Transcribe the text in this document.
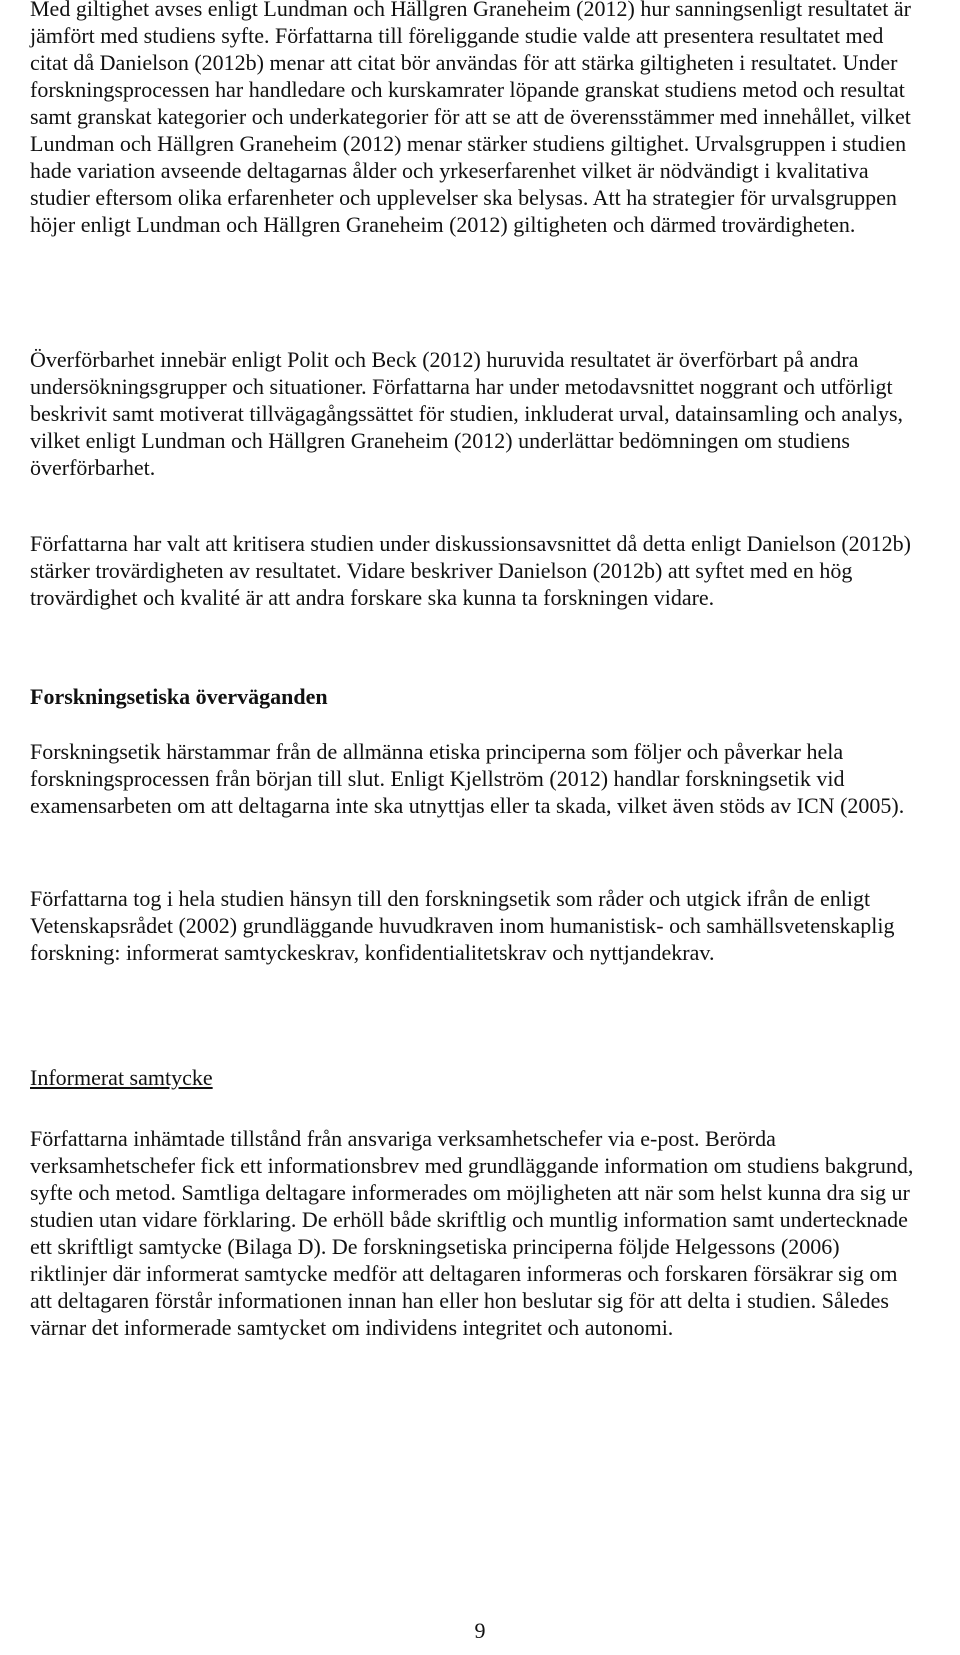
Med giltighet avses enligt Lundman och Hällgren Graneheim (2012) hur sanningsenligt resultatet är jämfört med studiens syfte. Författarna till föreliggande studie valde att presentera resultatet med citat då Danielson (2012b) menar att citat bör användas för att stärka giltigheten i resultatet. Under forskningsprocessen har handledare och kurskamrater löpande granskat studiens metod och resultat samt granskat kategorier och underkategorier för att se att de överensstämmer med innehållet, vilket Lundman och Hällgren Graneheim (2012) menar stärker studiens giltighet. Urvalsgruppen i studien hade variation avseende deltagarnas ålder och yrkeserfarenhet vilket är nödvändigt i kvalitativa studier eftersom olika erfarenheter och upplevelser ska belysas. Att ha strategier för urvalsgruppen höjer enligt Lundman och Hällgren Graneheim (2012) giltigheten och därmed trovärdigheten.

Överförbarhet innebär enligt Polit och Beck (2012) huruvida resultatet är överförbart på andra undersökningsgrupper och situationer. Författarna har under metodavsnittet noggrant och utförligt beskrivit samt motiverat tillvägagångssättet för studien, inkluderat urval, datainsamling och analys, vilket enligt Lundman och Hällgren Graneheim (2012) underlättar bedömningen om studiens överförbarhet.

Författarna har valt att kritisera studien under diskussionsavsnittet då detta enligt Danielson (2012b) stärker trovärdigheten av resultatet. Vidare beskriver Danielson (2012b) att syftet med en hög trovärdighet och kvalité är att andra forskare ska kunna ta forskningen vidare.

Forskningsetiska överväganden

Forskningsetik härstammar från de allmänna etiska principerna som följer och påverkar hela forskningsprocessen från början till slut. Enligt Kjellström (2012) handlar forskningsetik vid examensarbeten om att deltagarna inte ska utnyttjas eller ta skada, vilket även stöds av ICN (2005).

Författarna tog i hela studien hänsyn till den forskningsetik som råder och utgick ifrån de enligt Vetenskapsrådet (2002) grundläggande huvudkraven inom humanistisk- och samhällsvetenskaplig forskning: informerat samtyckeskrav, konfidentialitetskrav och nyttjandekrav.

Informerat samtycke

Författarna inhämtade tillstånd från ansvariga verksamhetschefer via e-post. Berörda verksamhetschefer fick ett informationsbrev med grundläggande information om studiens bakgrund, syfte och metod. Samtliga deltagare informerades om möjligheten att när som helst kunna dra sig ur studien utan vidare förklaring. De erhöll både skriftlig och muntlig information samt undertecknade ett skriftligt samtycke (Bilaga D). De forskningsetiska principerna följde Helgessons (2006) riktlinjer där informerat samtycke medför att deltagaren informeras och forskaren försäkrar sig om att deltagaren förstår informationen innan han eller hon beslutar sig för att delta i studien. Således värnar det informerade samtycket om individens integritet och autonomi.

9
